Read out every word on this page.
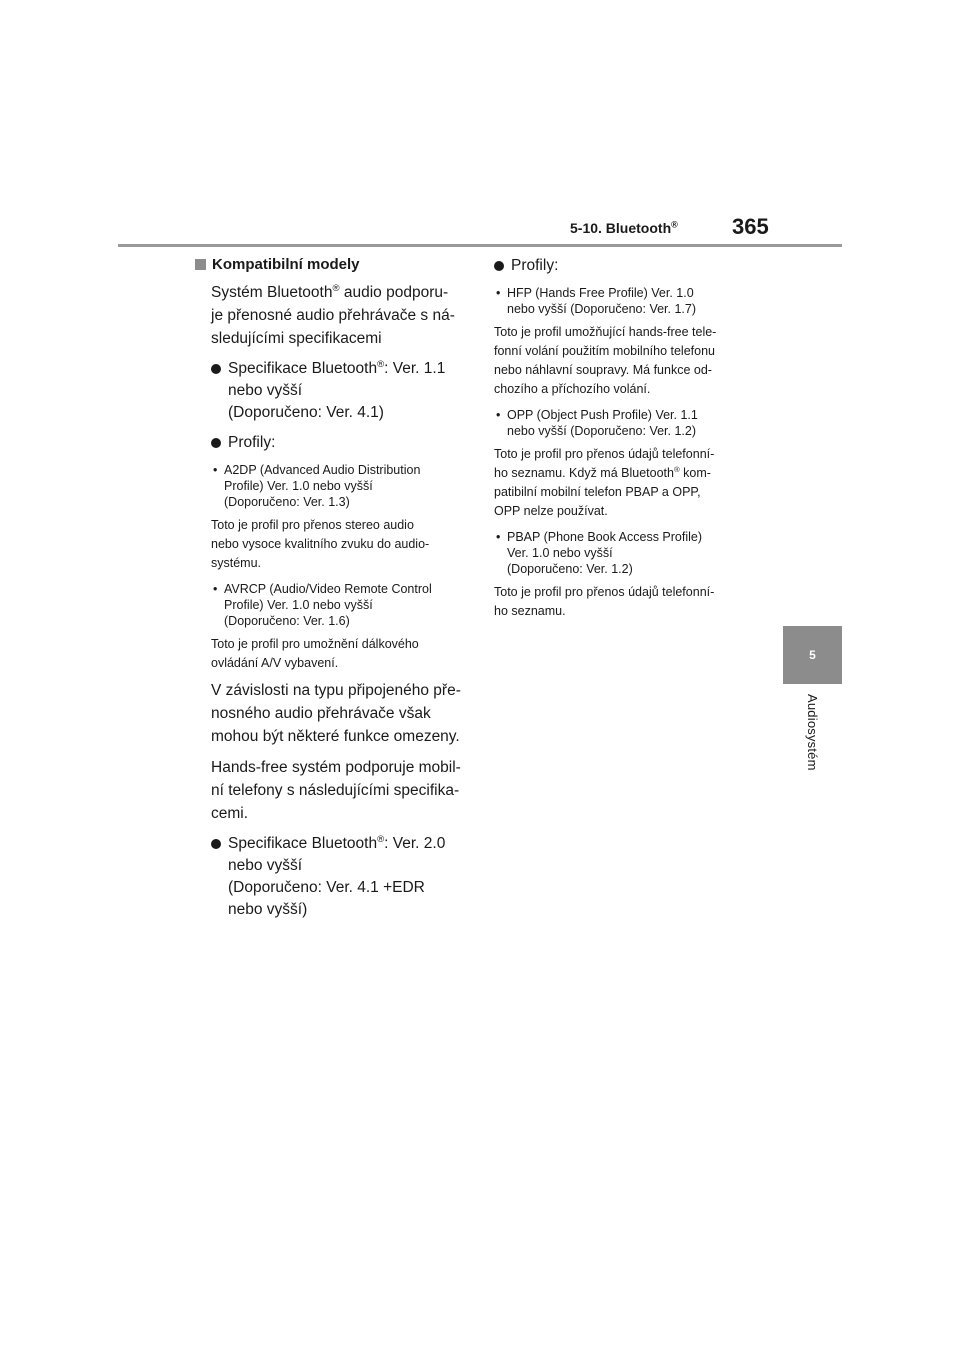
5-10. Bluetooth® 365
5
Audiosystém
Kompatibilní modely
Systém Bluetooth® audio podporu-
je přenosné audio přehrávače s ná-
sledujícími specifikacemi
Specifikace Bluetooth®: Ver. 1.1
nebo vyšší
(Doporučeno: Ver. 4.1)
Profily:
• A2DP (Advanced Audio Distribution
Profile) Ver. 1.0 nebo vyšší
(Doporučeno: Ver. 1.3)
Toto je profil pro přenos stereo audio
nebo vysoce kvalitního zvuku do audio-
systému.
• AVRCP (Audio/Video Remote Control
Profile) Ver. 1.0 nebo vyšší
(Doporučeno: Ver. 1.6)
Toto je profil pro umožnění dálkového
ovládání A/V vybavení.
V závislosti na typu připojeného pře-
nosného audio přehrávače však
mohou být některé funkce omezeny.
Hands-free systém podporuje mobil-
ní telefony s následujícími specifika-
cemi.
Specifikace Bluetooth®: Ver. 2.0
nebo vyšší
(Doporučeno: Ver. 4.1 +EDR
nebo vyšší)
Profily:
• HFP (Hands Free Profile) Ver. 1.0
nebo vyšší (Doporučeno: Ver. 1.7)
Toto je profil umožňující hands-free tele-
fonní volání použitím mobilního telefonu
nebo náhlavní soupravy. Má funkce od-
chozího a příchozího volání.
• OPP (Object Push Profile) Ver. 1.1
nebo vyšší (Doporučeno: Ver. 1.2)
Toto je profil pro přenos údajů telefonní-
ho seznamu. Když má Bluetooth® kom-
patibilní mobilní telefon PBAP a OPP,
OPP nelze používat.
• PBAP (Phone Book Access Profile)
Ver. 1.0 nebo vyšší
(Doporučeno: Ver. 1.2)
Toto je profil pro přenos údajů telefonní-
ho seznamu.
